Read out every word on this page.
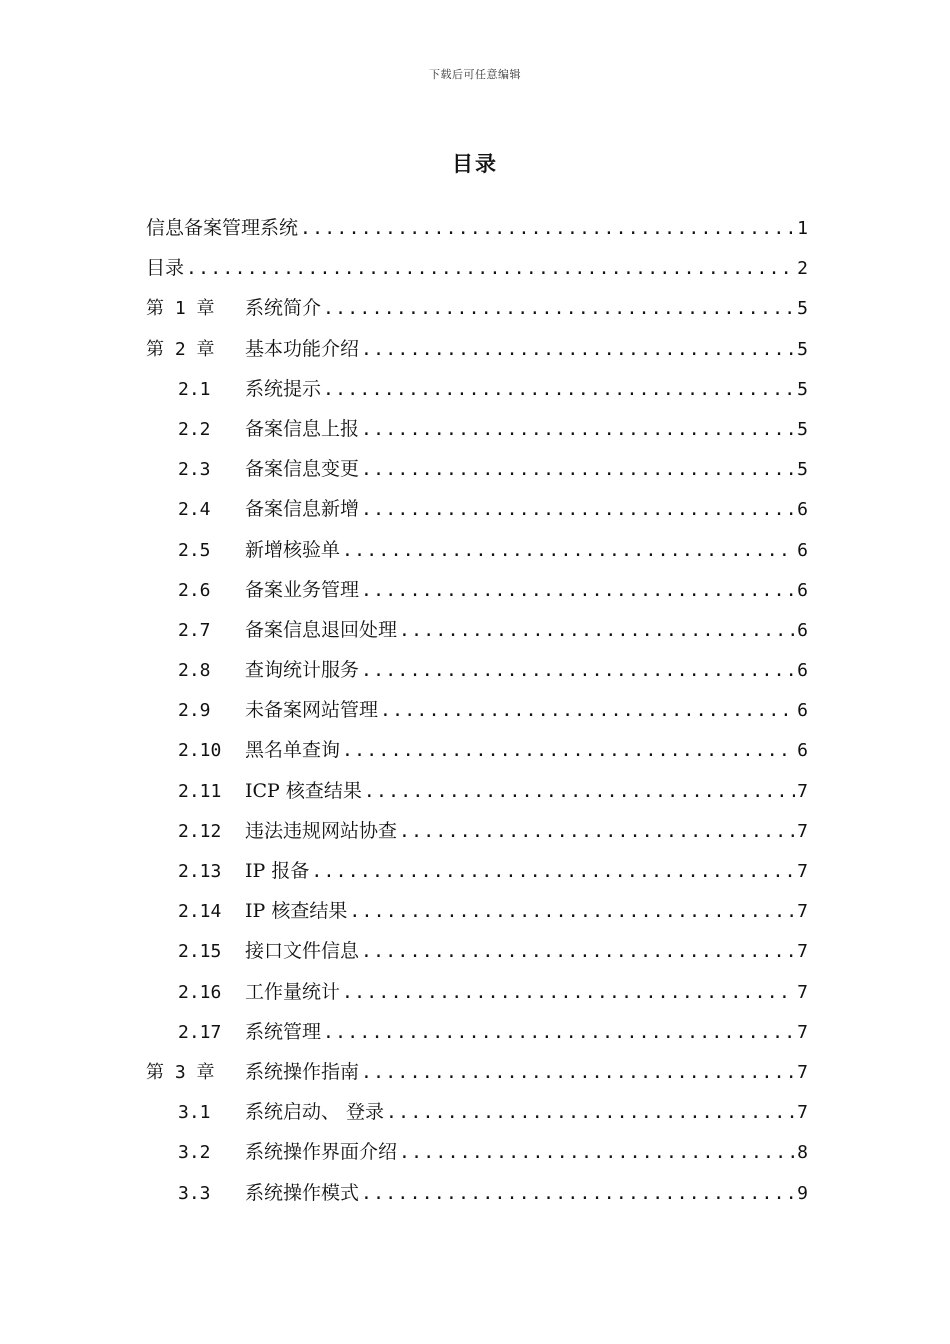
下载后可任意编辑
目录
信息备案管理系统 .....	1
目录 .....	2
第 1 章	系统简介 .....	5
第 2 章	基本功能介绍 .....	5
2.1	系统提示 .....	5
2.2	备案信息上报 .....	5
2.3	备案信息变更 .....	5
2.4	备案信息新增 .....	6
2.5	新增核验单 .....	6
2.6	备案业务管理 .....	6
2.7	备案信息退回处理 .....	6
2.8	查询统计服务 .....	6
2.9	未备案网站管理 .....	6
2.10	黑名单查询 .....	6
2.11	ICP 核查结果 .....	7
2.12	违法违规网站协查 .....	7
2.13	IP 报备 .....	7
2.14	IP 核查结果 .....	7
2.15	接口文件信息 .....	7
2.16	工作量统计 .....	7
2.17	系统管理 .....	7
第 3 章	系统操作指南 .....	7
3.1	系统启动、 登录 .....	7
3.2	系统操作界面介绍 .....	8
3.3	系统操作模式 .....	9
